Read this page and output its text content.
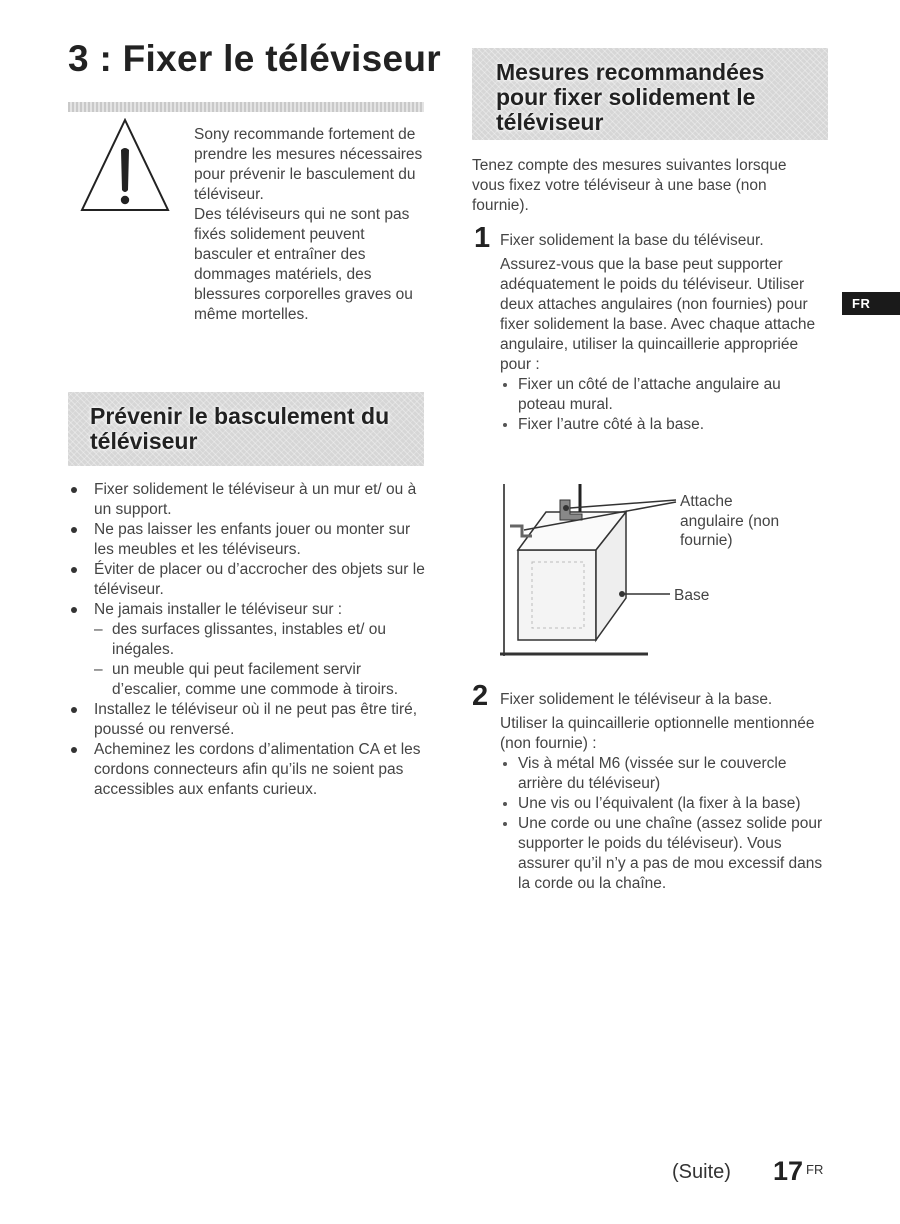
3 : Fixer le téléviseur

Sony recommande fortement de prendre les mesures nécessaires pour prévenir le basculement du téléviseur.

Des téléviseurs qui ne sont pas fixés solidement peuvent basculer et entraîner des dommages matériels, des blessures corporelles graves ou même mortelles.

Prévenir le basculement du
téléviseur
Fixer solidement le téléviseur à un mur et/ ou à un support.
Ne pas laisser les enfants jouer ou monter sur les meubles et les téléviseurs.
Éviter de placer ou d’accrocher des objets sur le téléviseur.
Ne jamais installer le téléviseur sur :
– des surfaces glissantes, instables et/ ou inégales.
– un meuble qui peut facilement servir d’escalier, comme une commode à tiroirs.
Installez le téléviseur où il ne peut pas être tiré, poussé ou renversé.
Acheminez les cordons d’alimentation CA et les cordons connecteurs afin qu’ils ne soient pas accessibles aux enfants curieux.
Mesures recommandées
pour fixer solidement le
téléviseur

Tenez compte des mesures suivantes lorsque vous fixez votre téléviseur à une base (non fournie).

1 Fixer solidement la base du téléviseur.

Assurez-vous que la base peut supporter adéquatement le poids du téléviseur. Utiliser deux attaches angulaires (non fournies) pour fixer solidement la base. Avec chaque attache angulaire, utiliser la quincaillerie appropriée pour :

Fixer un côté de l’attache angulaire au poteau mural.
Fixer l’autre côté à la base.
FR
Attache
angulaire (non
fournie)
Base
2 Fixer solidement le téléviseur à la base.

Utiliser la quincaillerie optionnelle mentionnée (non fournie) :

Vis à métal M6 (vissée sur le couvercle arrière du téléviseur)
Une vis ou l’équivalent (la fixer à la base)
Une corde ou une chaîne (assez solide pour supporter le poids du téléviseur). Vous assurer qu’il n’y a pas de mou excessif dans la corde ou la chaîne.
(Suite) 17 FR
